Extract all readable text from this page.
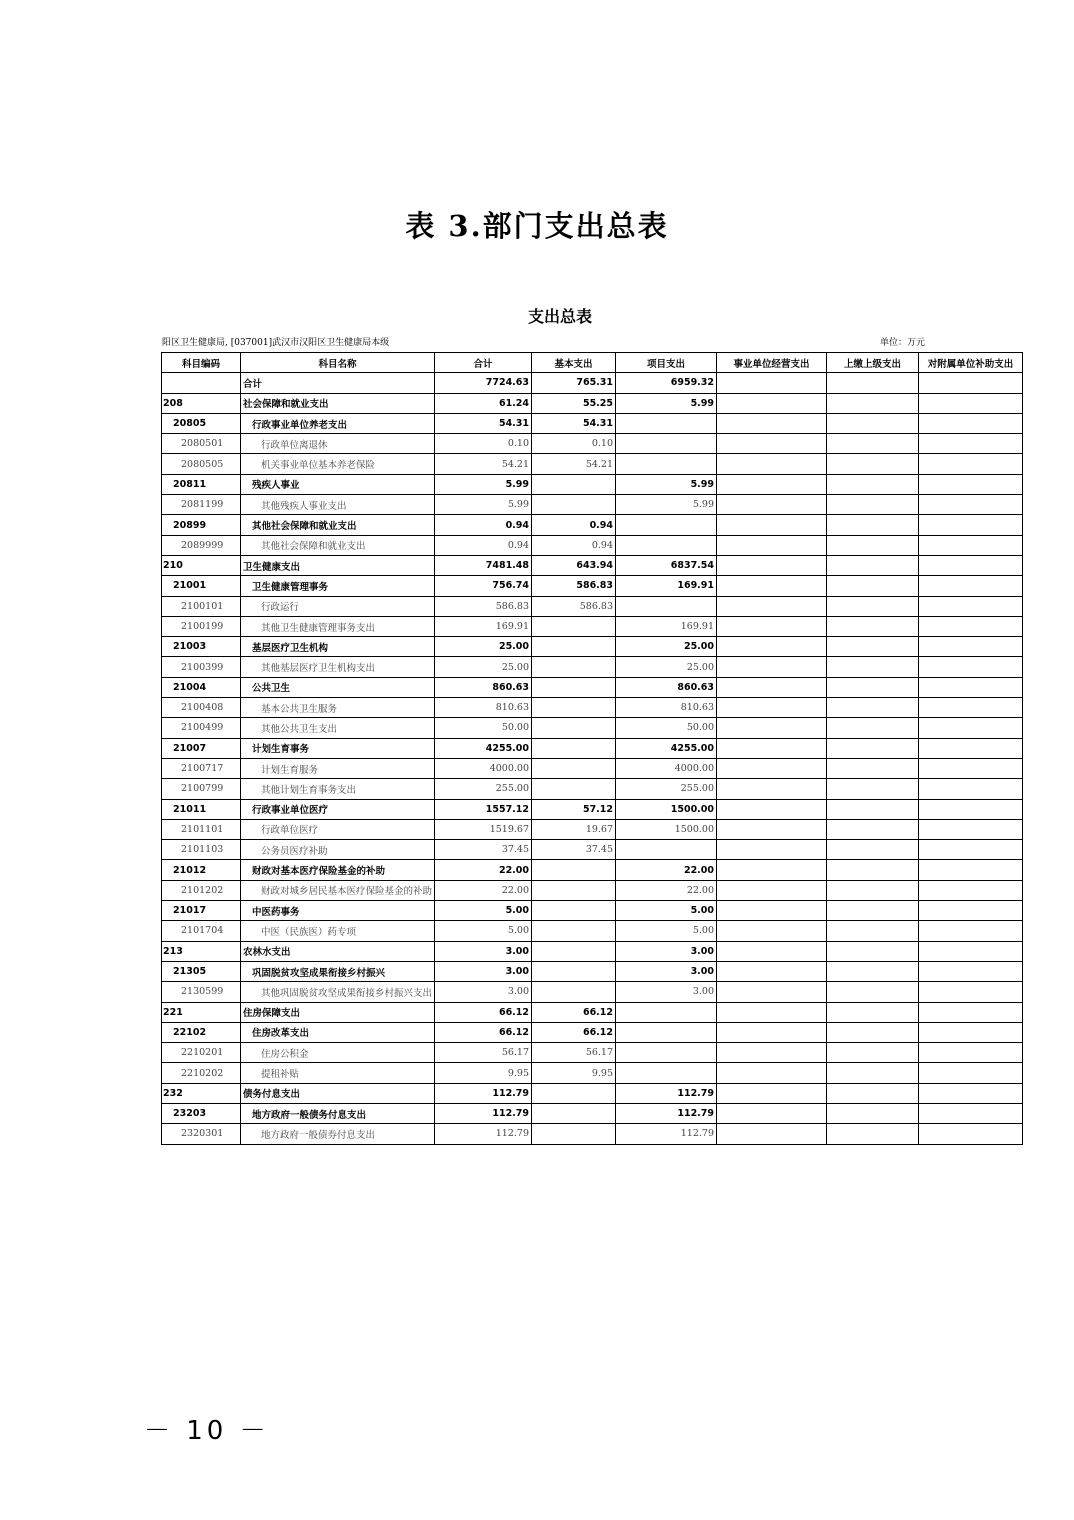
表 3.部门支出总表
支出总表
阳区卫生健康局, [037001]武汉市汉阳区卫生健康局本级	单位：万元
科目编码	科目名称	合计	基本支出	项目支出	事业单位经营支出	上缴上级支出	对附属单位补助支出
	合计	7724.63	765.31	6959.32			
208	社会保障和就业支出	61.24	55.25	5.99			
20805	行政事业单位养老支出	54.31	54.31				
2080501	行政单位离退休	0.10	0.10				
2080505	机关事业单位基本养老保险	54.21	54.21				
20811	残疾人事业	5.99		5.99			
2081199	其他残疾人事业支出	5.99		5.99			
20899	其他社会保障和就业支出	0.94	0.94				
2089999	其他社会保障和就业支出	0.94	0.94				
210	卫生健康支出	7481.48	643.94	6837.54			
21001	卫生健康管理事务	756.74	586.83	169.91			
2100101	行政运行	586.83	586.83				
2100199	其他卫生健康管理事务支出	169.91		169.91			
21003	基层医疗卫生机构	25.00		25.00			
2100399	其他基层医疗卫生机构支出	25.00		25.00			
21004	公共卫生	860.63		860.63			
2100408	基本公共卫生服务	810.63		810.63			
2100499	其他公共卫生支出	50.00		50.00			
21007	计划生育事务	4255.00		4255.00			
2100717	计划生育服务	4000.00		4000.00			
2100799	其他计划生育事务支出	255.00		255.00			
21011	行政事业单位医疗	1557.12	57.12	1500.00			
2101101	行政单位医疗	1519.67	19.67	1500.00			
2101103	公务员医疗补助	37.45	37.45				
21012	财政对基本医疗保险基金的补助	22.00		22.00			
2101202	财政对城乡居民基本医疗保险基金的补助	22.00		22.00			
21017	中医药事务	5.00		5.00			
2101704	中医（民族医）药专项	5.00		5.00			
213	农林水支出	3.00		3.00			
21305	巩固脱贫攻坚成果衔接乡村振兴	3.00		3.00			
2130599	其他巩固脱贫攻坚成果衔接乡村振兴支出	3.00		3.00			
221	住房保障支出	66.12	66.12				
22102	住房改革支出	66.12	66.12				
2210201	住房公积金	56.17	56.17				
2210202	提租补贴	9.95	9.95				
232	债务付息支出	112.79		112.79			
23203	地方政府一般债务付息支出	112.79		112.79			
2320301	地方政府一般债券付息支出	112.79		112.79			
－ 10 －
